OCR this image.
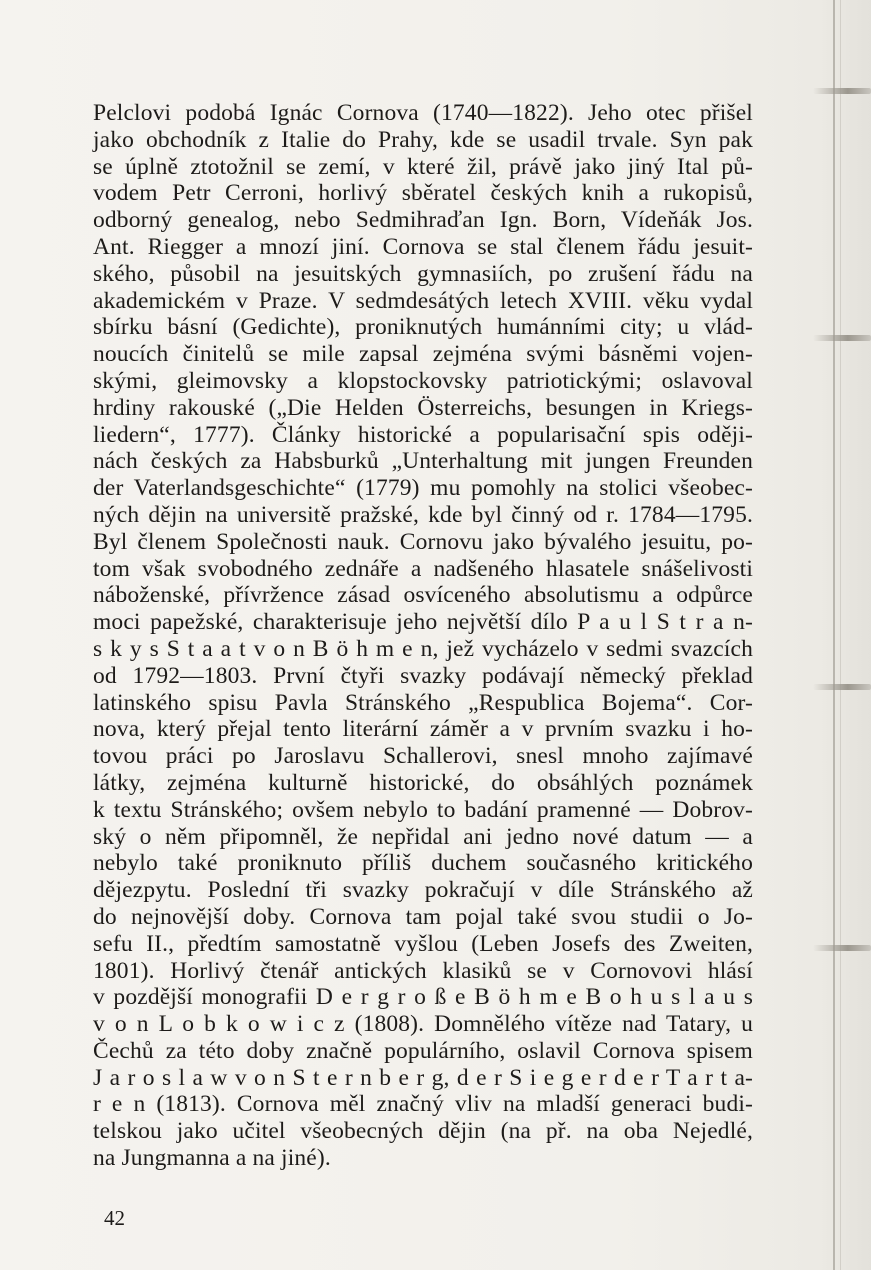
Pelclovi podobá Ignác Cornova (1740—1822). Jeho otec přišel
jako obchodník z Italie do Prahy, kde se usadil trvale. Syn pak
se úplně ztotožnil se zemí, v které žil, právě jako jiný Ital pů-
vodem Petr Cerroni, horlivý sběratel českých knih a rukopisů,
odborný genealog, nebo Sedmihraďan Ign. Born, Vídeňák Jos.
Ant. Riegger a mnozí jiní. Cornova se stal členem řádu jesuit-
ského, působil na jesuitských gymnasiích, po zrušení řádu na
akademickém v Praze. V sedmdesátých letech XVIII. věku vydal
sbírku básní (Gedichte), proniknutých humánními city; u vlád-
noucích činitelů se mile zapsal zejména svými básněmi vojen-
skými, gleimovsky a klopstockovsky patriotickými; oslavoval
hrdiny rakouské („Die Helden Österreichs, besungen in Kriegs-
liedern“, 1777). Články historické a popularisační spis oději-
nách českých za Habsburků „Unterhaltung mit jungen Freunden
der Vaterlandsgeschichte“ (1779) mu pomohly na stolici všeobec-
ných dějin na universitě pražské, kde byl činný od r. 1784—1795.
Byl členem Společnosti nauk. Cornovu jako bývalého jesuitu, po-
tom však svobodného zednáře a nadšeného hlasatele snášelivosti
náboženské, přívržence zásad osvíceného absolutismu a odpůrce
moci papežské, charakterisuje jeho největší dílo P a u l S t r a n-
s k y s S t a a t v o n B ö h m e n, jež vycházelo v sedmi svazcích
od 1792—1803. První čtyři svazky podávají německý překlad
latinského spisu Pavla Stránského „Respublica Bojema“. Cor-
nova, který přejal tento literární záměr a v prvním svazku i ho-
tovou práci po Jaroslavu Schallerovi, snesl mnoho zajímavé
látky, zejména kulturně historické, do obsáhlých poznámek
k textu Stránského; ovšem nebylo to badání pramenné — Dobrov-
ský o něm připomněl, že nepřidal ani jedno nové datum — a
nebylo také proniknuto příliš duchem současného kritického
dějezpytu. Poslední tři svazky pokračují v díle Stránského až
do nejnovější doby. Cornova tam pojal také svou studii o Jo-
sefu II., předtím samostatně vyšlou (Leben Josefs des Zweiten,
1801). Horlivý čtenář antických klasiků se v Cornovovi hlásí
v pozdější monografii D e r g r o ß e B ö h m e B o h u s l a u s
v o n L o b k o w i c z (1808). Domnělého vítěze nad Tatary, u
Čechů za této doby značně populárního, oslavil Cornova spisem
J a r o s l a w v o n S t e r n b e r g, d e r S i e g e r d e r T a r t a-
r e n (1813). Cornova měl značný vliv na mladší generaci budi-
telskou jako učitel všeobecných dějin (na př. na oba Nejedlé,
na Jungmanna a na jiné).
42
